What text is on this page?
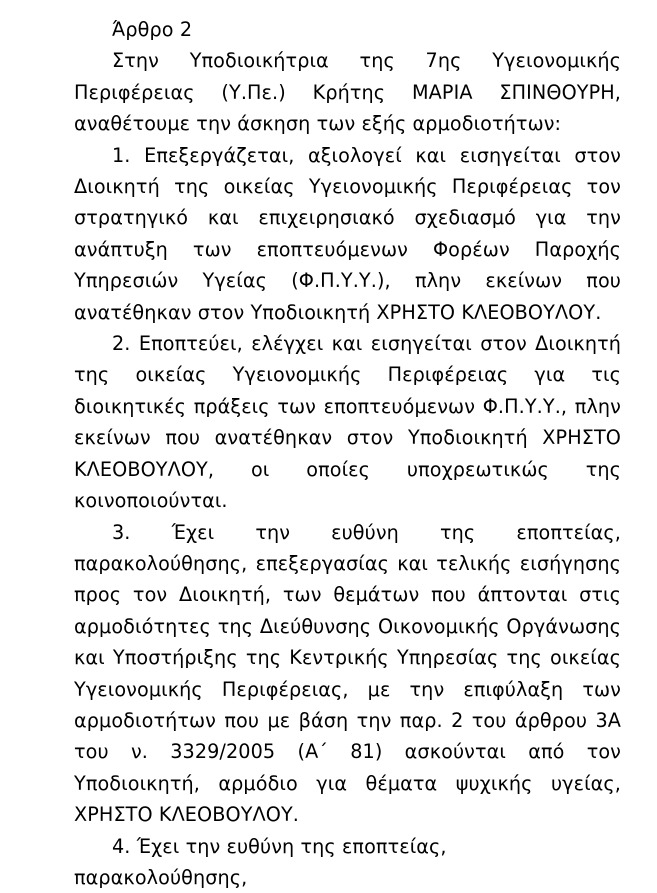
Άρθρο 2

Στην Υποδιοικήτρια της 7ης Υγειονομικής Περιφέρειας (Υ.Πε.) Κρήτης ΜΑΡΙΑ ΣΠΙΝΘΟΥΡΗ, αναθέτουμε την άσκηση των εξής αρμοδιοτήτων:

1. Επεξεργάζεται, αξιολογεί και εισηγείται στον Διοικητή της οικείας Υγειονομικής Περιφέρειας τον στρατηγικό και επιχειρησιακό σχεδιασμό για την ανάπτυξη των εποπτευόμενων Φορέων Παροχής Υπηρεσιών Υγείας (Φ.Π.Υ.Υ.), πλην εκείνων που ανατέθηκαν στον Υποδιοικητή ΧΡΗΣΤΟ ΚΛΕΟΒΟΥΛΟΥ.

2. Εποπτεύει, ελέγχει και εισηγείται στον Διοικητή της οικείας Υγειονομικής Περιφέρειας για τις διοικητικές πράξεις των εποπτευόμενων Φ.Π.Υ.Υ., πλην εκείνων που ανατέθηκαν στον Υποδιοικητή ΧΡΗΣΤΟ ΚΛΕΟΒΟΥΛΟΥ, οι οποίες υποχρεωτικώς της κοινοποιούνται.

3. Έχει την ευθύνη της εποπτείας, παρακολούθησης, επεξεργασίας και τελικής εισήγησης προς τον Διοικητή, των θεμάτων που άπτονται στις αρμοδιότητες της Διεύθυνσης Οικονομικής Οργάνωσης και Υποστήριξης της Κεντρικής Υπηρεσίας της οικείας Υγειονομικής Περιφέρειας, με την επιφύλαξη των αρμοδιοτήτων που με βάση την παρ. 2 του άρθρου 3Α του ν. 3329/2005 (Α΄ 81) ασκούνται από τον Υποδιοικητή, αρμόδιο για θέματα ψυχικής υγείας, ΧΡΗΣΤΟ ΚΛΕΟΒΟΥΛΟΥ.

4. Έχει την ευθύνη της εποπτείας, παρακολούθησης,
